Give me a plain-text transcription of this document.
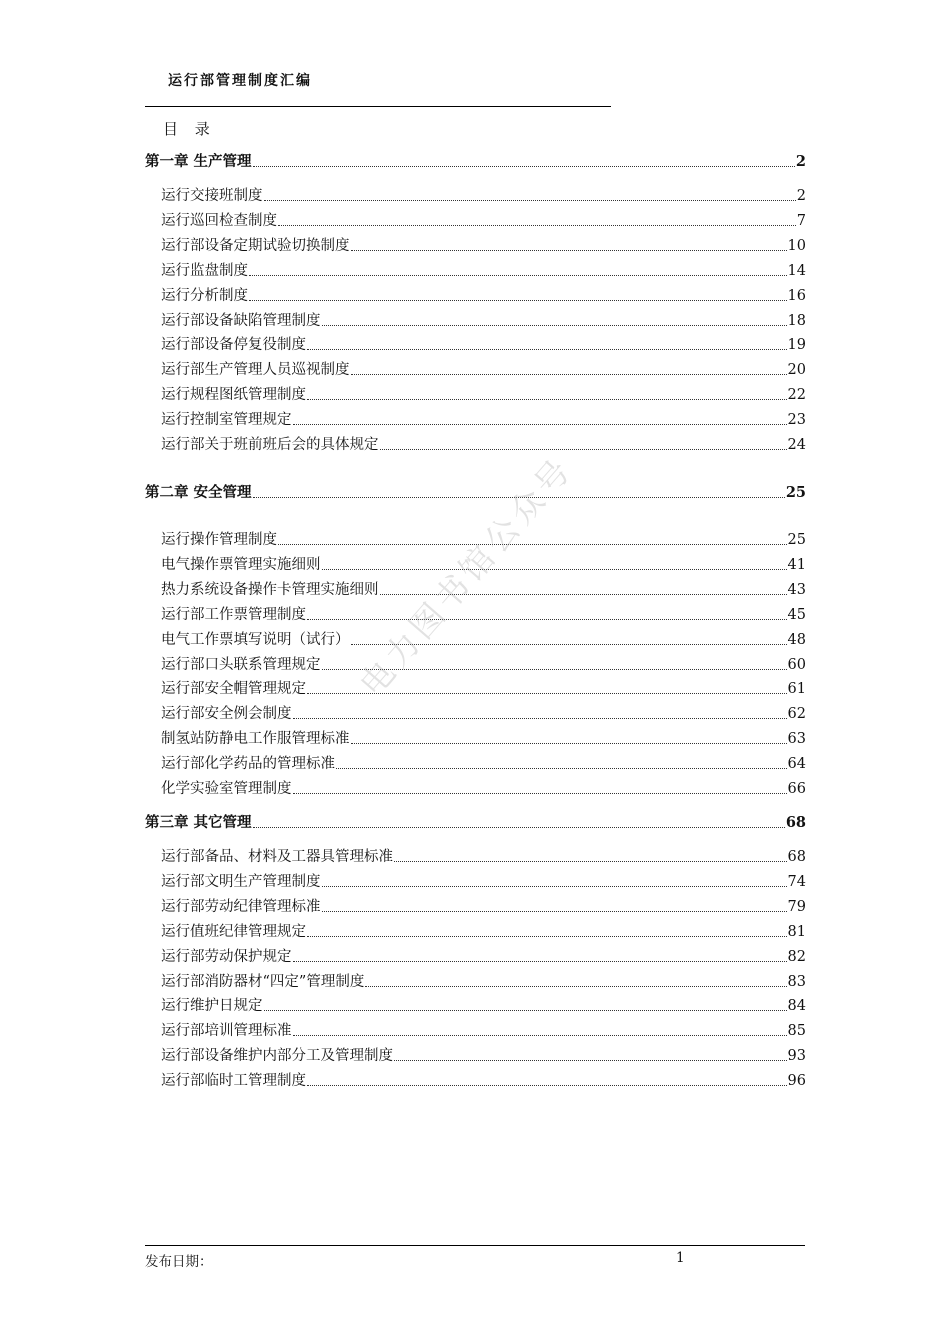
运行部管理制度汇编
目 录
第一章 生产管理	2
运行交接班制度	2
运行巡回检查制度	7
运行部设备定期试验切换制度	10
运行监盘制度	14
运行分析制度	16
运行部设备缺陷管理制度	18
运行部设备停复役制度	19
运行部生产管理人员巡视制度	20
运行规程图纸管理制度	22
运行控制室管理规定	23
运行部关于班前班后会的具体规定	24
第二章 安全管理	25
运行操作管理制度	25
电气操作票管理实施细则	41
热力系统设备操作卡管理实施细则	43
运行部工作票管理制度	45
电气工作票填写说明（试行）	48
运行部口头联系管理规定	60
运行部安全帽管理规定	61
运行部安全例会制度	62
制氢站防静电工作服管理标准	63
运行部化学药品的管理标准	64
化学实验室管理制度	66
第三章 其它管理	68
运行部备品、材料及工器具管理标准	68
运行部文明生产管理制度	74
运行部劳动纪律管理标准	79
运行值班纪律管理规定	81
运行部劳动保护规定	82
运行部消防器材“四定”管理制度	83
运行维护日规定	84
运行部培训管理标准	85
运行部设备维护内部分工及管理制度	93
运行部临时工管理制度	96
电力图书馆公众号
发布日期：	1
